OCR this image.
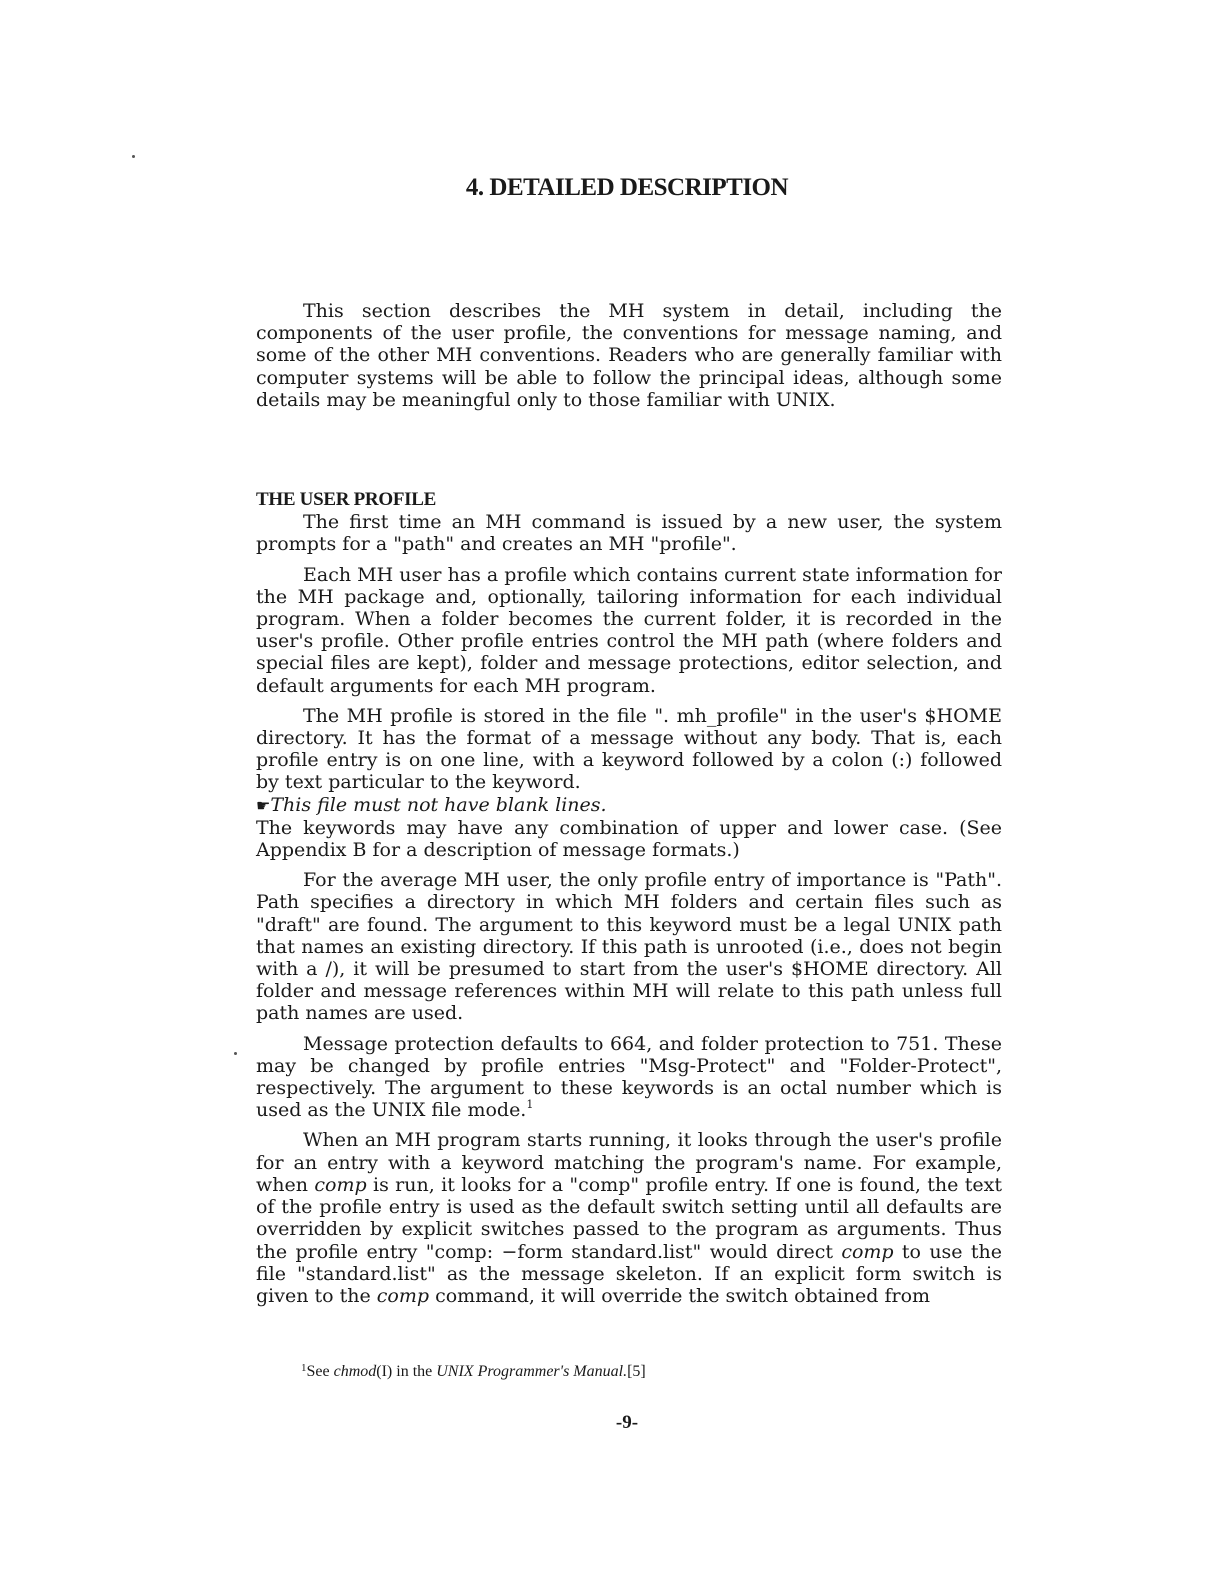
4. DETAILED DESCRIPTION

This section describes the MH system in detail, including the components of the user profile, the conventions for message naming, and some of the other MH conventions. Readers who are generally familiar with computer systems will be able to follow the principal ideas, although some details may be meaningful only to those familiar with UNIX.

THE USER PROFILE

The first time an MH command is issued by a new user, the system prompts for a "path" and creates an MH "profile".

Each MH user has a profile which contains current state information for the MH package and, optionally, tailoring information for each individual program. When a folder becomes the current folder, it is recorded in the user's profile. Other profile entries control the MH path (where folders and special files are kept), folder and message protections, editor selection, and default arguments for each MH program.

The MH profile is stored in the file ". mh_profile" in the user's $HOME directory. It has the format of a message without any body. That is, each profile entry is on one line, with a keyword followed by a colon (:) followed by text particular to the keyword.

☛This file must not have blank lines.

The keywords may have any combination of upper and lower case. (See Appendix B for a description of message formats.)

For the average MH user, the only profile entry of importance is "Path". Path specifies a directory in which MH folders and certain files such as "draft" are found. The argument to this keyword must be a legal UNIX path that names an existing directory. If this path is unrooted (i.e., does not begin with a /), it will be presumed to start from the user's $HOME directory. All folder and message references within MH will relate to this path unless full path names are used.

Message protection defaults to 664, and folder protection to 751. These may be changed by profile entries "Msg-Protect" and "Folder-Protect", respectively. The argument to these keywords is an octal number which is used as the UNIX file mode.$^1$

When an MH program starts running, it looks through the user's profile for an entry with a keyword matching the program's name. For example, when comp is run, it looks for a "comp" profile entry. If one is found, the text of the profile entry is used as the default switch setting until all defaults are overridden by explicit switches passed to the program as arguments. Thus the profile entry "comp: −form standard.list" would direct comp to use the file "standard.list" as the message skeleton. If an explicit form switch is given to the comp command, it will override the switch obtained from

$^1$See chmod(I) in the UNIX Programmer's Manual.[5]
-9-
